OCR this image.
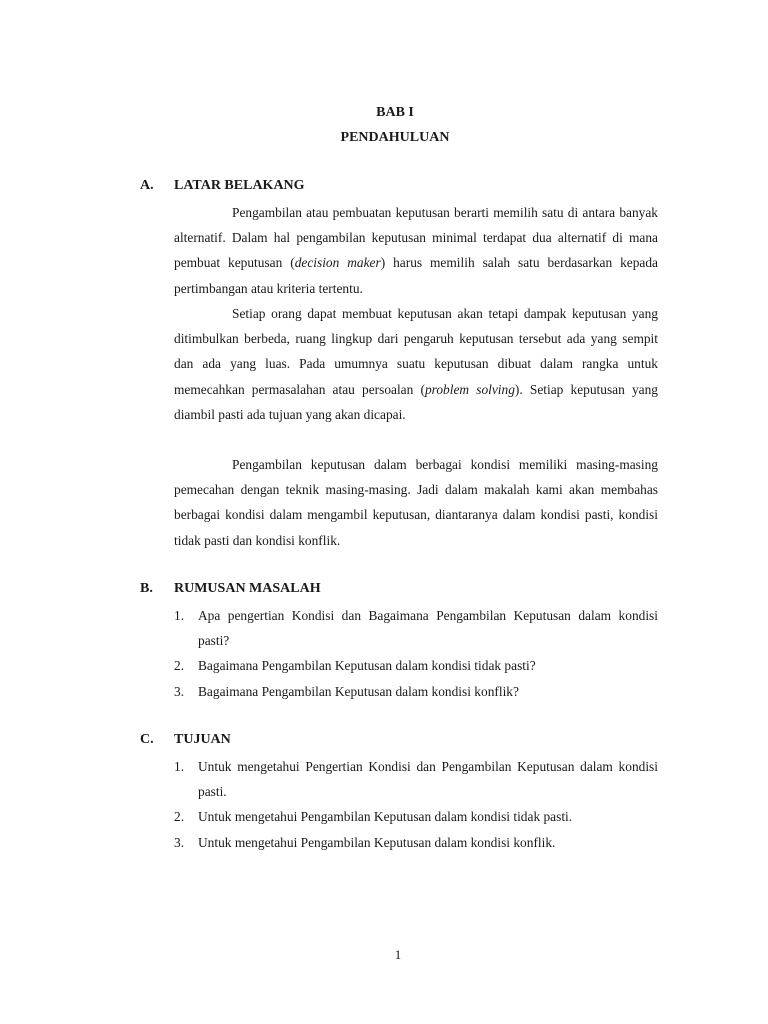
BAB I
PENDAHULUAN
A. LATAR BELAKANG

Pengambilan atau pembuatan keputusan berarti memilih satu di antara banyak alternatif. Dalam hal pengambilan keputusan minimal terdapat dua alternatif di mana pembuat keputusan (decision maker) harus memilih salah satu berdasarkan kepada pertimbangan atau kriteria tertentu.

Setiap orang dapat membuat keputusan akan tetapi dampak keputusan yang ditimbulkan berbeda, ruang lingkup dari pengaruh keputusan tersebut ada yang sempit dan ada yang luas. Pada umumnya suatu keputusan dibuat dalam rangka untuk memecahkan permasalahan atau persoalan (problem solving). Setiap keputusan yang diambil pasti ada tujuan yang akan dicapai.

Pengambilan keputusan dalam berbagai kondisi memiliki masing-masing pemecahan dengan teknik masing-masing. Jadi dalam makalah kami akan membahas berbagai kondisi dalam mengambil keputusan, diantaranya dalam kondisi pasti, kondisi tidak pasti dan kondisi konflik.

B. RUMUSAN MASALAH
1. Apa pengertian Kondisi dan Bagaimana Pengambilan Keputusan dalam kondisi pasti?
2. Bagaimana Pengambilan Keputusan dalam kondisi tidak pasti?
3. Bagaimana Pengambilan Keputusan dalam kondisi konflik?
C. TUJUAN
1. Untuk mengetahui Pengertian Kondisi dan Pengambilan Keputusan dalam kondisi pasti.
2. Untuk mengetahui Pengambilan Keputusan dalam kondisi tidak pasti.
3. Untuk mengetahui Pengambilan Keputusan dalam kondisi konflik.
1
